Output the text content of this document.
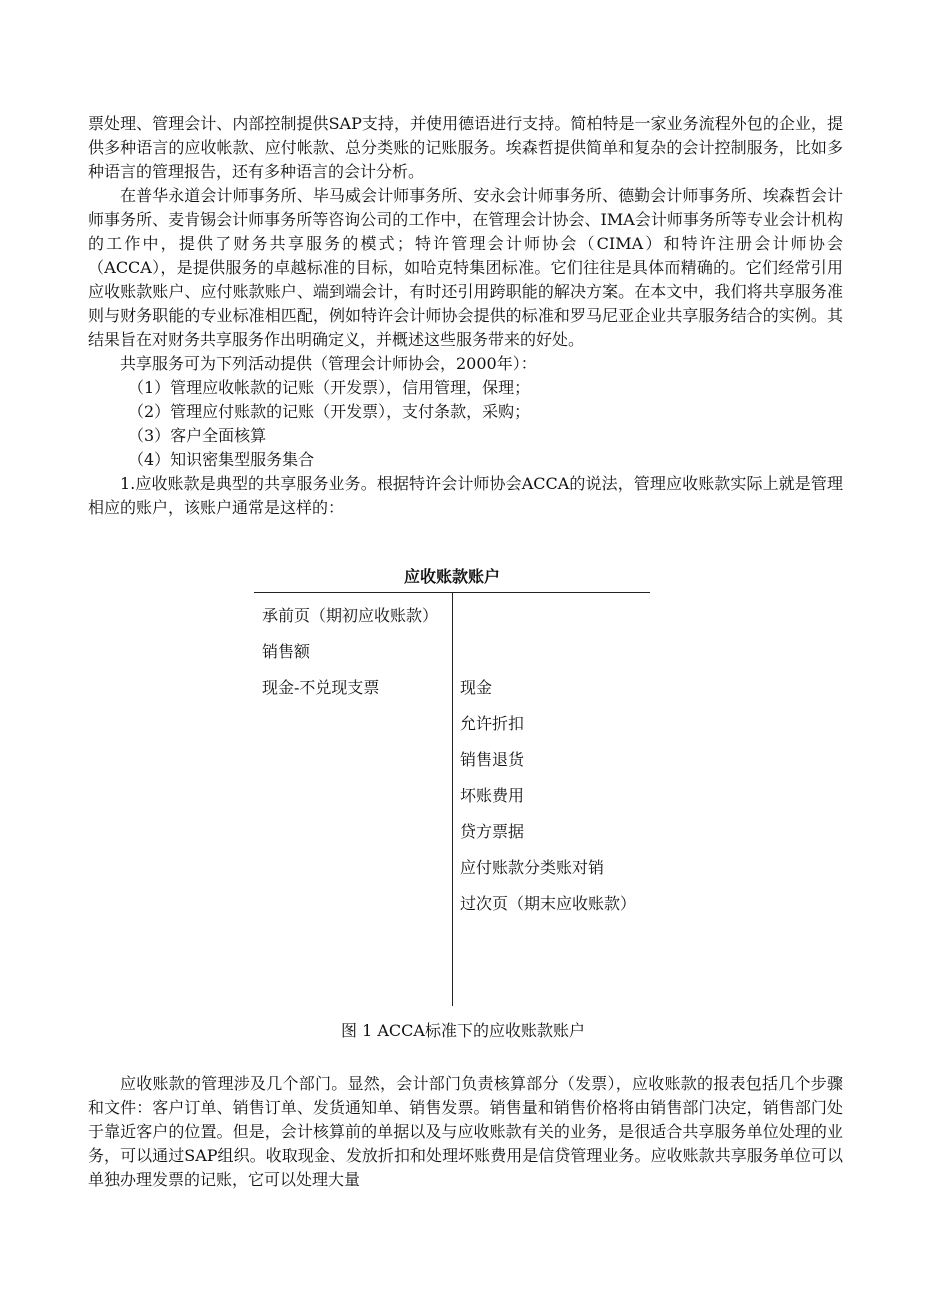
票处理、管理会计、内部控制提供SAP支持，并使用德语进行支持。简柏特是一家业务流程外包的企业，提供多种语言的应收帐款、应付帐款、总分类账的记账服务。埃森哲提供简单和复杂的会计控制服务，比如多种语言的管理报告，还有多种语言的会计分析。

在普华永道会计师事务所、毕马威会计师事务所、安永会计师事务所、德勤会计师事务所、埃森哲会计师事务所、麦肯锡会计师事务所等咨询公司的工作中，在管理会计协会、IMA会计师事务所等专业会计机构的工作中，提供了财务共享服务的模式；特许管理会计师协会（CIMA）和特许注册会计师协会（ACCA），是提供服务的卓越标准的目标，如哈克特集团标准。它们往往是具体而精确的。它们经常引用应收账款账户、应付账款账户、端到端会计，有时还引用跨职能的解决方案。在本文中，我们将共享服务准则与财务职能的专业标准相匹配，例如特许会计师协会提供的标准和罗马尼亚企业共享服务结合的实例。其结果旨在对财务共享服务作出明确定义，并概述这些服务带来的好处。

共享服务可为下列活动提供（管理会计师协会，2000年）：

（1）管理应收帐款的记账（开发票），信用管理，保理；

（2）管理应付账款的记账（开发票），支付条款，采购；

（3）客户全面核算

（4）知识密集型服务集合

1.应收账款是典型的共享服务业务。根据特许会计师协会ACCA的说法，管理应收账款实际上就是管理相应的账户，该账户通常是这样的：

应收账款账户
承前页（期初应收账款）
销售额
现金-不兑现支票	现金
允许折扣
销售退货
坏账费用
贷方票据
应付账款分类账对销
过次页（期末应收账款）
图 1 ACCA标准下的应收账款账户

应收账款的管理涉及几个部门。显然，会计部门负责核算部分（发票），应收账款的报表包括几个步骤和文件：客户订单、销售订单、发货通知单、销售发票。销售量和销售价格将由销售部门决定，销售部门处于靠近客户的位置。但是，会计核算前的单据以及与应收账款有关的业务，是很适合共享服务单位处理的业务，可以通过SAP组织。收取现金、发放折扣和处理坏账费用是信贷管理业务。应收账款共享服务单位可以单独办理发票的记账，它可以处理大量
